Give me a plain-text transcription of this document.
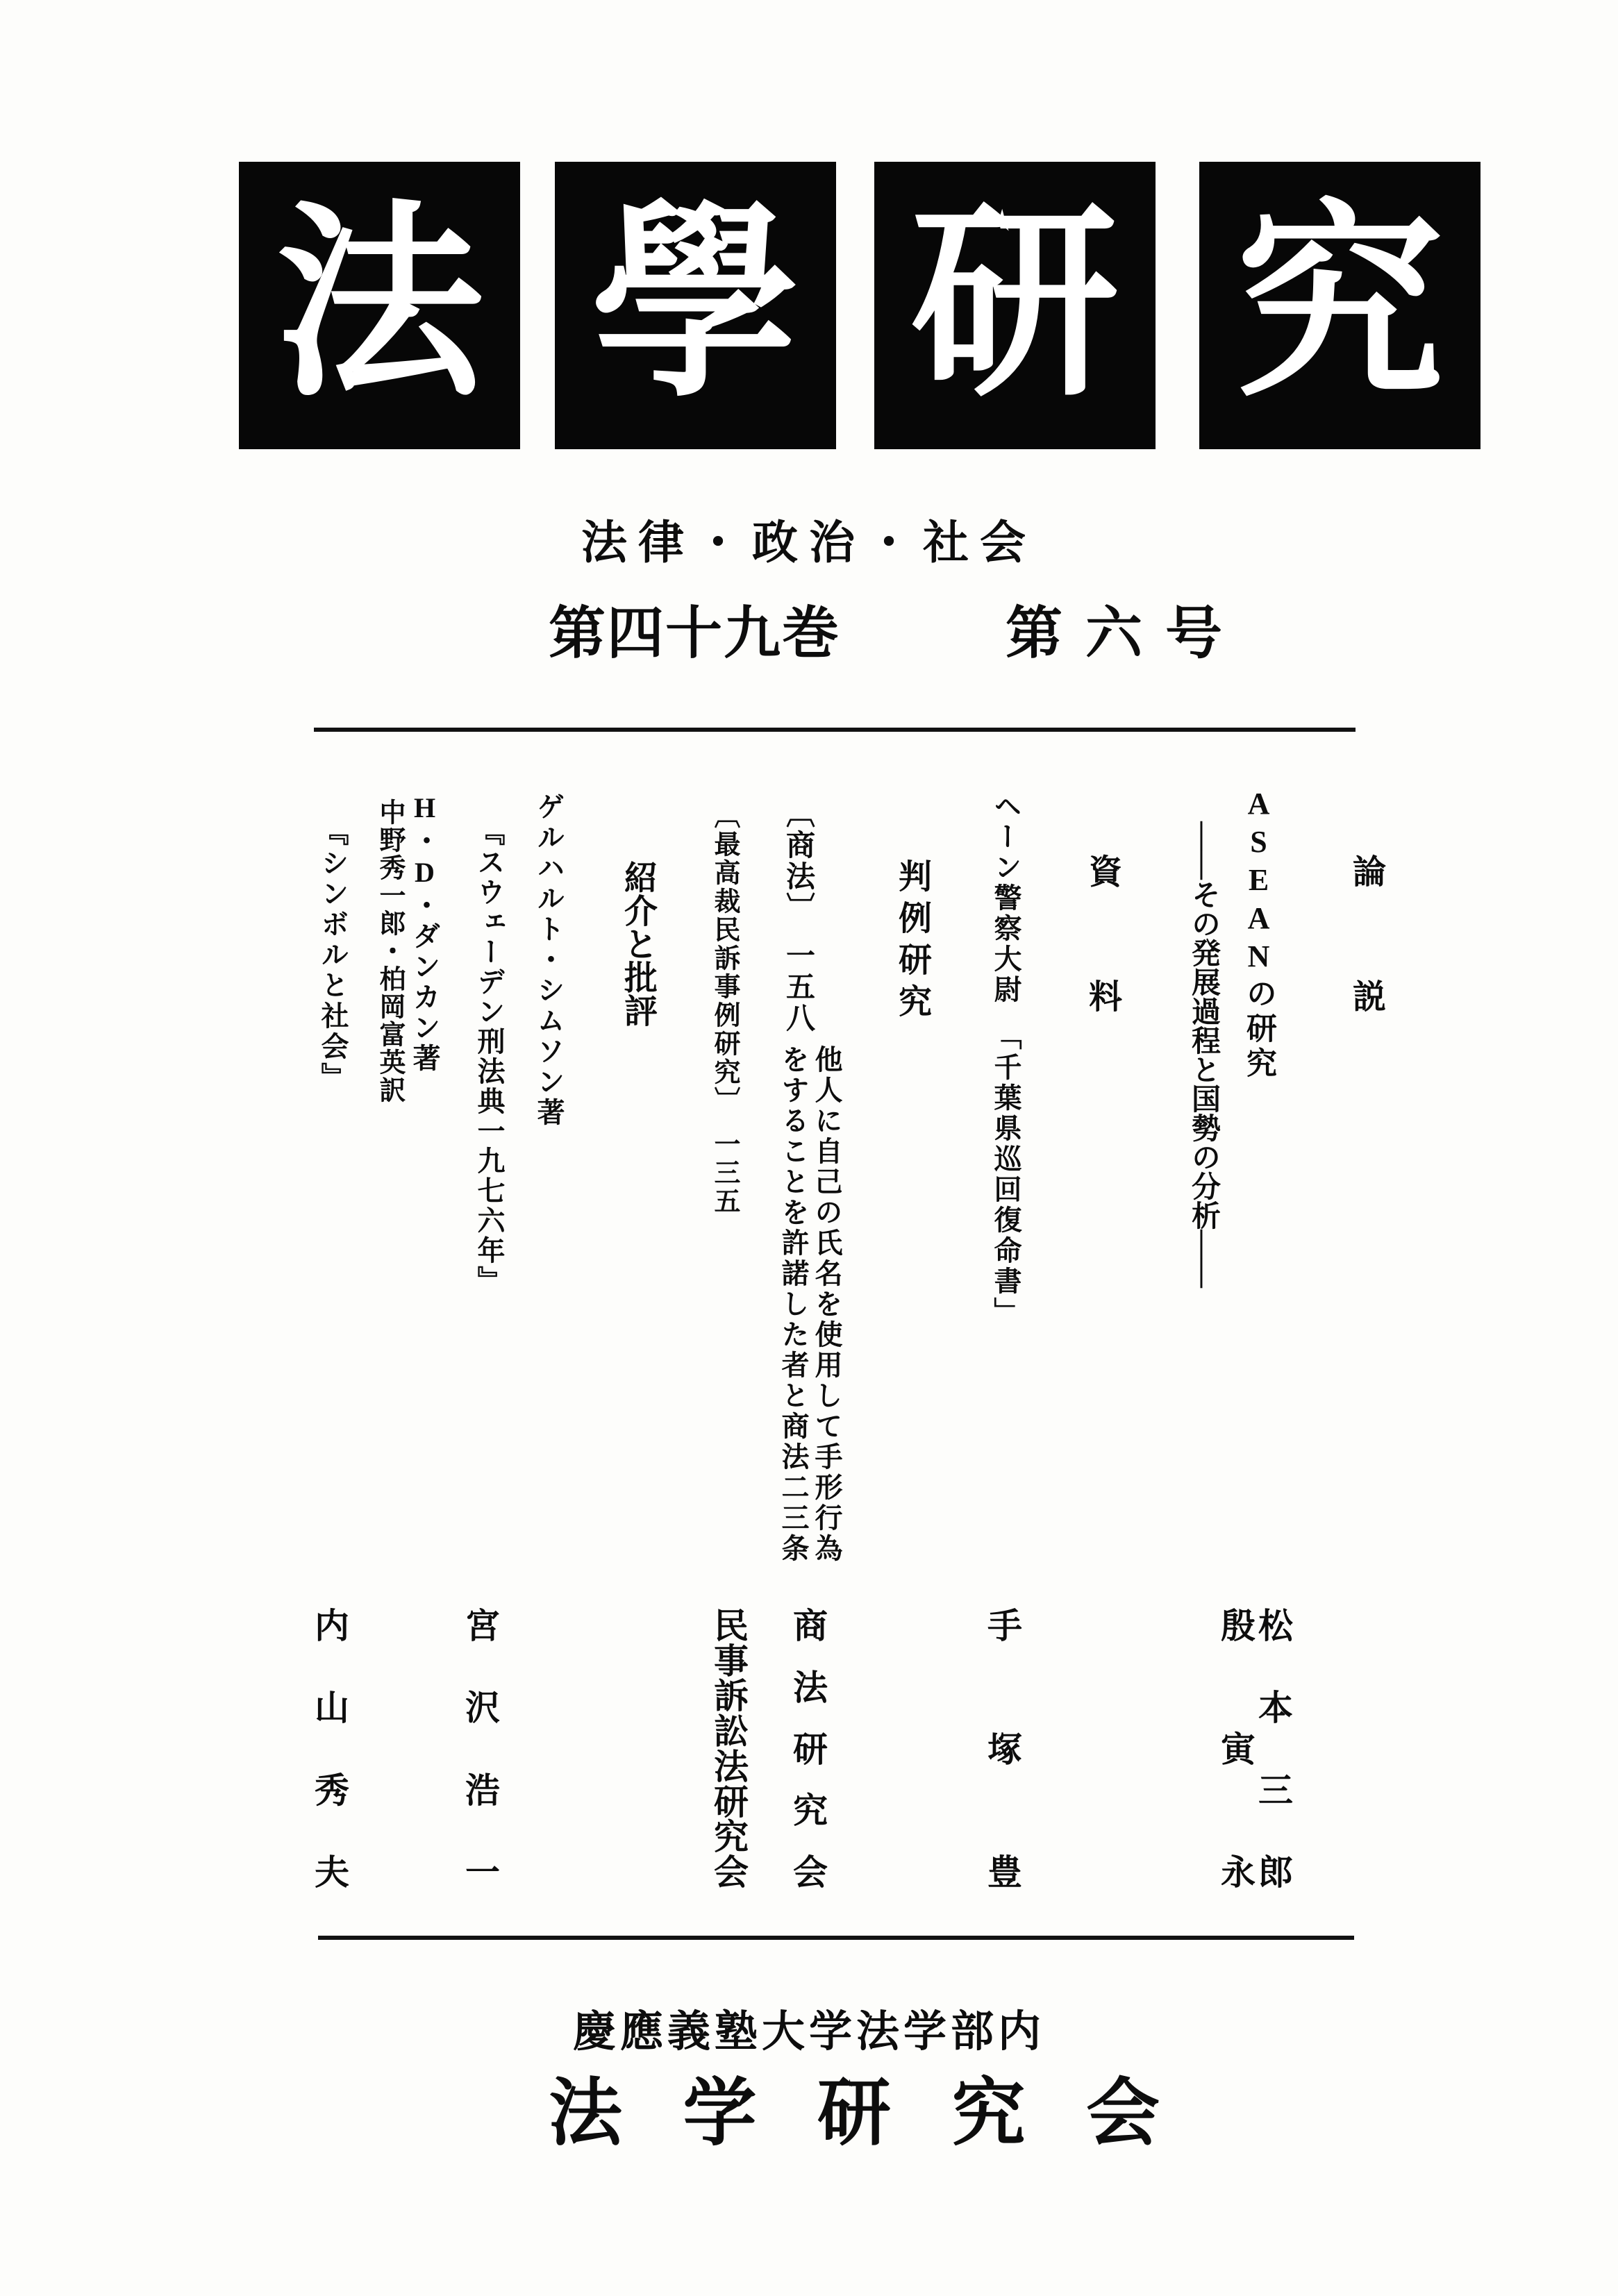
法 學 研 究
法律・政治・社会
第四十九巻	第 六 号
論
説
ASEANの研究
――その発展過程と国勢の分析――
資
料
ヘーン警察大尉　「千葉県巡回復命書」
判
例
研
究
〔商法〕　一五八
他人に自己の氏名を使用して手形行為
をすることを許諾した者と商法二三条
〔最高裁民訴事例研究〕　一三五
紹
介
と
批
評
ゲルハルト・シムソン著
『スウェーデン刑法典一九七六年』
H・D・ダンカン著
中野秀一郎・柏岡富英訳
『シンボルと社会』
松
本
三
郎
殷
寅
永
手
塚
豊
商
法
研
究
会
民
事
訴
訟
法
研
究
会
宮
沢
浩
一
内
山
秀
夫
慶應義塾大学法学部内
法 学 研 究 会
